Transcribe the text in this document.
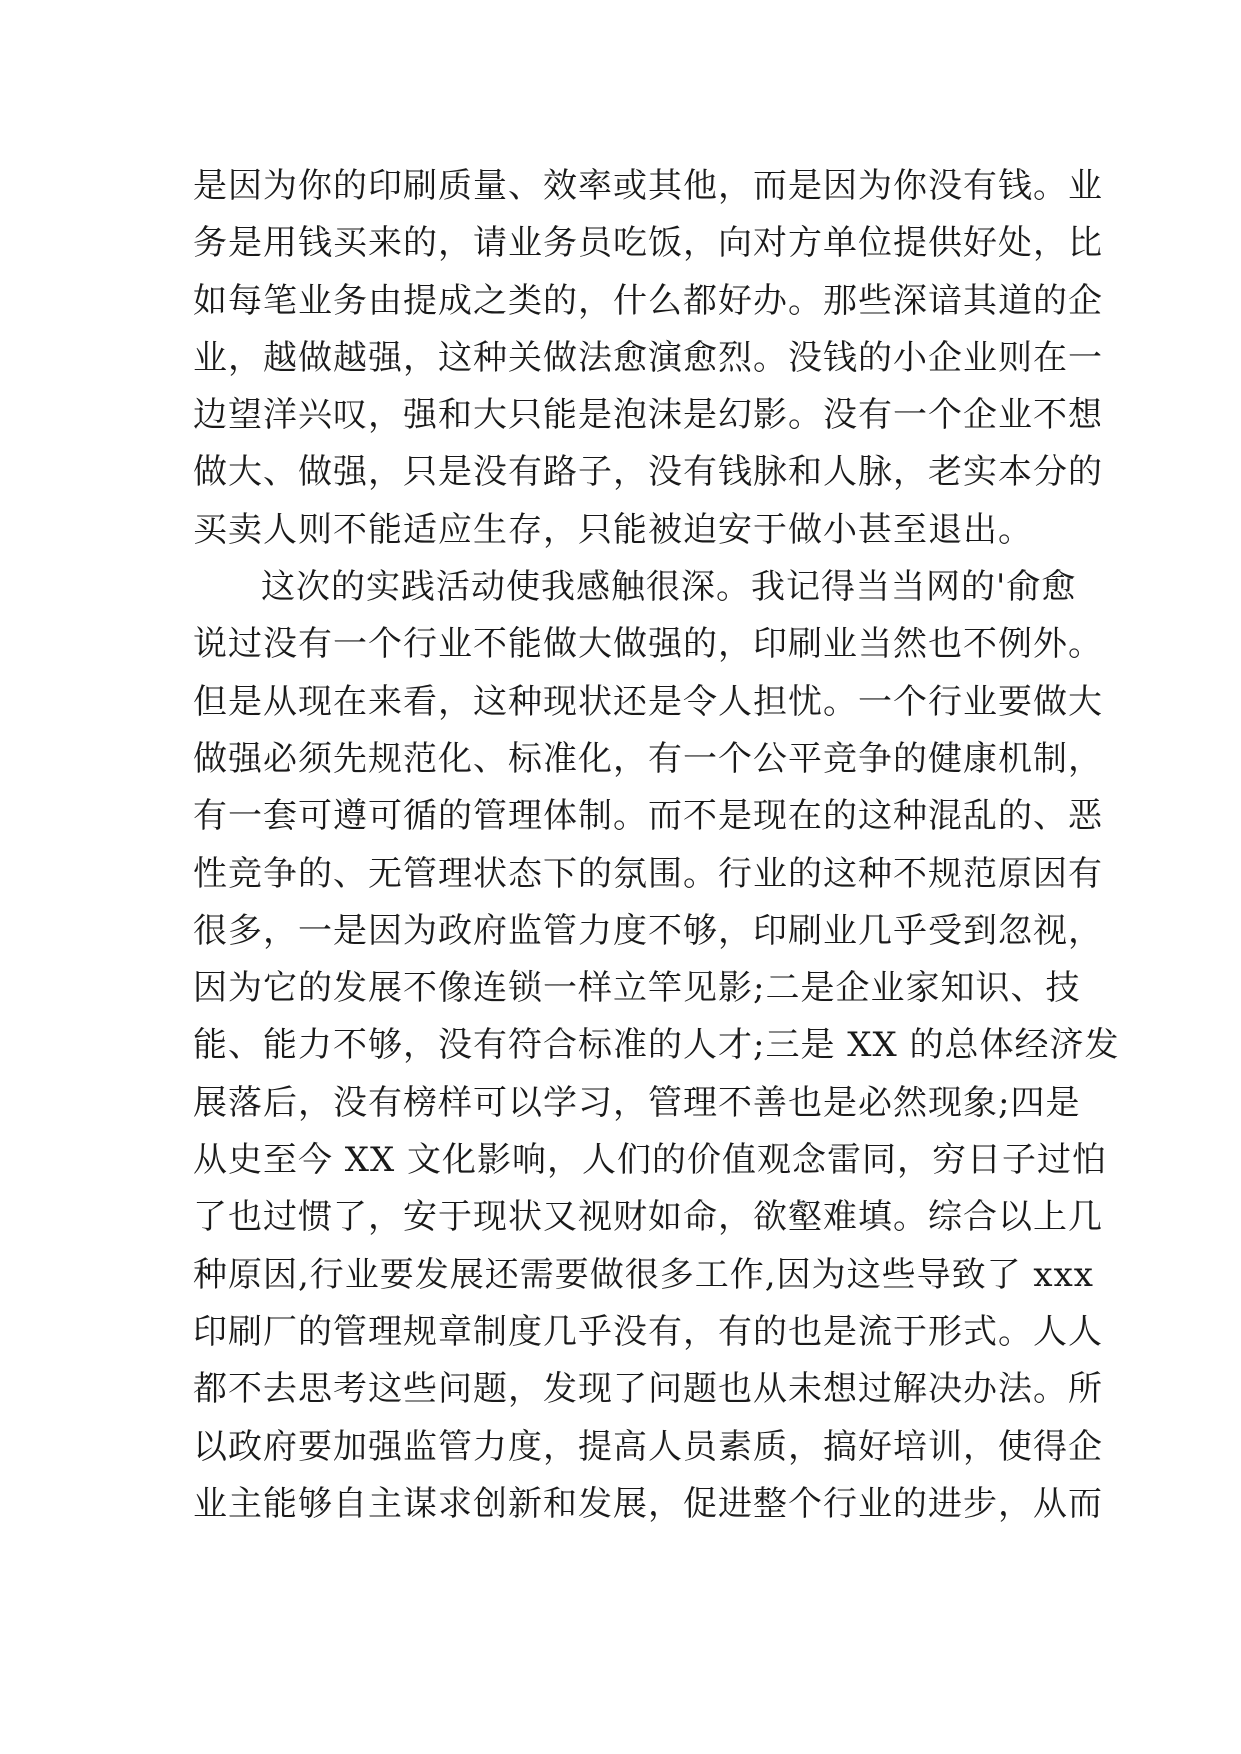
是因为你的印刷质量、效率或其他，而是因为你没有钱。业
务是用钱买来的，请业务员吃饭，向对方单位提供好处，比
如每笔业务由提成之类的，什么都好办。那些深谙其道的企
业，越做越强，这种关做法愈演愈烈。没钱的小企业则在一
边望洋兴叹，强和大只能是泡沫是幻影。没有一个企业不想
做大、做强，只是没有路子，没有钱脉和人脉，老实本分的
买卖人则不能适应生存，只能被迫安于做小甚至退出。
这次的实践活动使我感触很深。我记得当当网的'俞愈
说过没有一个行业不能做大做强的，印刷业当然也不例外。
但是从现在来看，这种现状还是令人担忧。一个行业要做大
做强必须先规范化、标准化，有一个公平竞争的健康机制，
有一套可遵可循的管理体制。而不是现在的这种混乱的、恶
性竞争的、无管理状态下的氛围。行业的这种不规范原因有
很多，一是因为政府监管力度不够，印刷业几乎受到忽视，
因为它的发展不像连锁一样立竿见影;二是企业家知识、技
能、能力不够，没有符合标准的人才;三是 XX 的总体经济发
展落后，没有榜样可以学习，管理不善也是必然现象;四是
从史至今 XX 文化影响，人们的价值观念雷同，穷日子过怕
了也过惯了，安于现状又视财如命，欲壑难填。综合以上几
种原因,行业要发展还需要做很多工作,因为这些导致了 xxx
印刷厂的管理规章制度几乎没有，有的也是流于形式。人人
都不去思考这些问题，发现了问题也从未想过解决办法。所
以政府要加强监管力度，提高人员素质，搞好培训，使得企
业主能够自主谋求创新和发展，促进整个行业的进步，从而
